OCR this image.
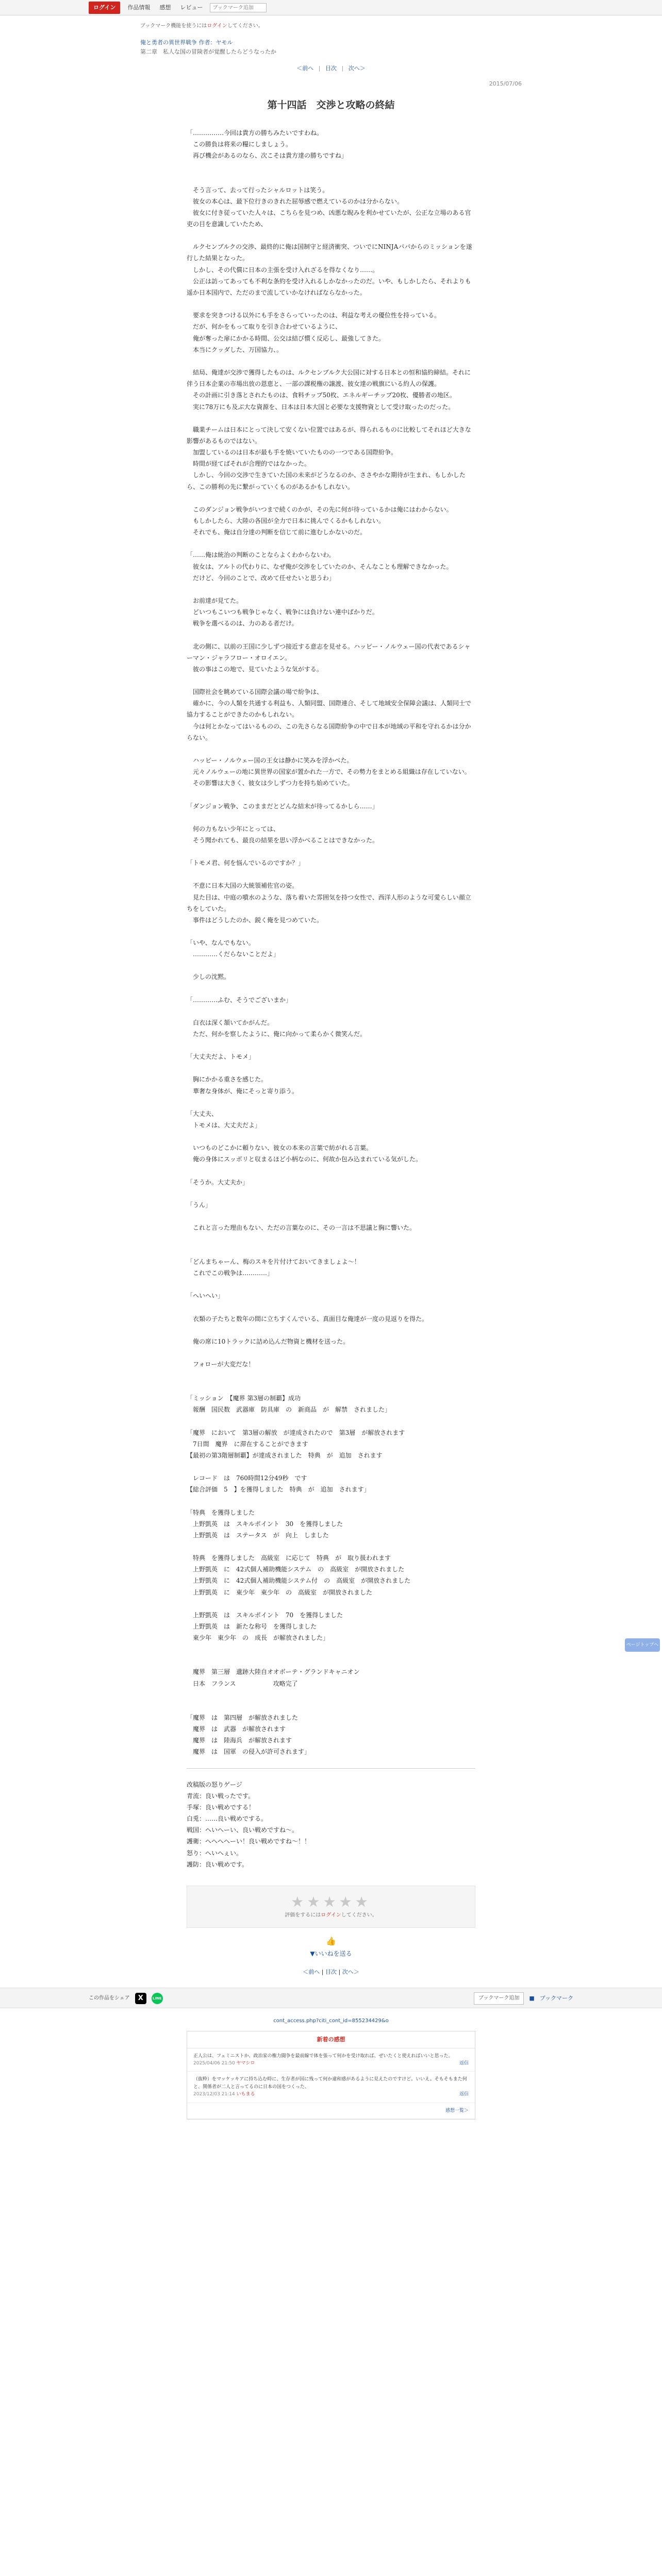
ログイン	作品情報	感想	レビュー
ブックマーク追加
ブックマーク機能を使うにはログインしてください。
俺と勇者の異世界戦争 作者：ヤモル
第二章　私人な国の冒険者が覚醒したらどうなったか
＜前へ | 目次 | 次へ＞
2015/07/06
第十四話　交渉と攻略の終結

「……………今回は貴方の勝ちみたいですわね。

　この勝負は将来の糧にしましょう。

　再び機会があるのなら、次こそは貴方達の勝ちですね」

　そう言って、去って行ったシャルロットは笑う。

　彼女の本心は、最下位行きのきれた屈辱感で燃えているのかは分からない。

　彼女に付き従っていた人々は、こちらを見つめ、凶悪な睨みを利かせていたが、公正な立場のある官吏の目を意識していたため、

　ルクセンブルクの交渉、最終的に俺は国制守と経済衝突、ついでにNINJAパパからのミッションを遂行した結果となった。

　しかし、その代償に日本の主張を受け入れざるを得なくなり……。

　公正は訪ってあっても不利な条約を受け入れるしかなかったのだ。いや、もしかしたら、それよりも遥か日本国内で、ただのまで流していかなければならなかった。

　要求を突きつける以外にも手をさらっていったのは、利益な考えの優位性を持っている。

　だが、何かをもって取りを引き合わせているように、

　俺が奪った扉にかかる時間、公交は結び慣く反応し、最強してきた。

　本当にクッダした、万国協力、。

　結局、俺達が交渉で獲得したものは、ルクセンブルク大公国に対する日本との恒和協約締結。それに伴う日本企業の市場出放の恩恵と、一部の課税権の譲渡、彼女達の戦旗にいる約人の保護。

　その計画に引き落とされたものは、食料チップ50枚、エネルギーチップ20枚、優勝者の地区。

　実に78万にも及ぶ大な資源を、日本は日本大国と必要な支援物資として受け取ったのだった。

　職業チームは日本にとって決して安くない位置ではあるが、得られるものに比較してそれほど大きな影響があるものではない。

　加盟しているのは日本が最も手を焼いていたものの一つである国際紛争。

　時間が経てばそれが合理的ではなかった。

　しかし、今回の交渉で生きていた国の未来がどうなるのか、ささやかな期待が生まれ、もしかしたら、この勝利の先に繋がっていくものがあるかもしれない。

　このダンジョン戦争がいつまで続くのかが、その先に何が待っているかは俺にはわからない。

　もしかしたら、大陸の各国が全力で日本に挑んでくるかもしれない。

　それでも、俺は自分達の判断を信じて前に進むしかないのだ。

「……俺は統治の判断のことならよくわからないわ。

　彼女は、アルトの代わりに、なぜ俺が交渉をしていたのか、そんなことも理解できなかった。

　だけど、今回のことで、改めて任せたいと思うわ」

　お前達が見てた。

　どいつもこいつも戦争じゃなく、戦争には負けない連中ばかりだ。

　戦争を選べるのは、力のある者だけ。

　北の側に、以前の王国に少しずつ接近する意志を見せる。ハッピー・ノルウェー国の代表であるシャーマン・ジャラフロー・オロイエン。

　彼の事はこの地で、見ていたような気がする。

　国際社会を眺めている国際会議の場で紛争は、

　確かに、今の人類を共通する利益も、人類同盟、国際連合、そして地域安全保障会議は、人類同士で協力することができたのかもしれない。

　今は何とかなってはいるものの、この先さらなる国際紛争の中で日本が地域の平和を守れるかは分からない。

　ハッピー・ノルウェー国の王女は静かに笑みを浮かべた。

　元々ノルウェーの地に異世界の国家が置かれた一方で、その勢力をまとめる組織は存在していない。

　その影響は大きく、彼女は少しずつ力を持ち始めていた。

「ダンジョン戦争、このままだとどんな結末が待ってるかしら……」

　何の力もない少年にとっては、

　そう聞かれても、最良の結果を思い浮かべることはできなかった。

「トモメ君、何を悩んでいるのですか？」

　不意に日本大国の大統領補佐官の姿。

　見た目は、中庭の噴水のような、落ち着いた雰囲気を持つ女性で、西洋人形のような可愛らしい顔立ちをしていた。

　事件はどうしたのか、鋭く俺を見つめていた。

「いや、なんでもない。

　…………くだらないことだよ」

　少しの沈黙。

「…………ふむ、そうでございまか」

　白衣は深く頷いてかがんだ。

　ただ、何かを察したように、俺に向かって柔らかく微笑んだ。

「大丈夫だよ、トモメ」

　胸にかかる重さを感じた。

　華奢な身体が、俺にそっと寄り添う。

「大丈夫、

　トモメは、大丈夫だよ」

　いつものどこかに頼りない、彼女の本来の言葉で紡がれる言葉。

　俺の身体にスッポリと収まるほど小柄なのに、何故か包み込まれている気がした。

「そうか。大丈夫か」

「うん」

　これと言った理由もない、ただの言葉なのに、その一言は不思議と胸に響いた。

「どんまちゃーん、梅のスキを片付けておいてきましょよ〜！

　これでこの戦争は…………」

「へいへい」

　衣類の子たちと数年の間に立ちすくんでいる、真面目な俺達が一度の見返りを得た。

　俺の席に10トラックに詰め込んだ物資と機材を送った。

　フォローが大変だな！

「ミッション　【魔界 第3層の制覇】成功

　報酬　国民数　武器庫　防具庫　の　新商品　が　解禁　されました」

「魔界　において　第3層の解放　が達成されたので　第3層　が解放されます

　7日間　魔界　に滞在することができます

【最初の第3階層制覇】が達成されました　特典　が　追加　されます

　レコード　は　760時間12分49秒　です

【総合評価　5　】を獲得しました　特典　が　追加　されます」

「特典　を獲得しました

　上野凱英　は　スキルポイント　30　を獲得しました

　上野凱英　は　ステータス　が　向上　しました

　特典　を獲得しました　高級室　に応じて　特典　が　取り扱われます

　上野凱英　に　42式個人補助機能システム　の　高級室　が開放されました

　上野凱英　に　42式個人補助機能システム付　の　高級室　が開放されました

　上野凱英　に　東少年　東少年　の　高級室　が開放されました

　上野凱英　は　スキルポイント　70　を獲得しました

　上野凱英　は　新たな称号　を獲得しました

　東少年　東少年　の　成長　が解放されました」

　魔界　第三層　遺跡大陸自オオボーテ・グランドキャニオン

　日本　フランス　　　　　　攻略完了

「魔界　は　第四層　が解放されました

　魔界　は　武器　が解放されます

　魔界　は　陸海兵　が解放されます

　魔界　は　国軍　の侵入が許可されます」

改稿版の怒りゲージ

青流：良い戦ったです。

手塚：良い戦めでする！

白兎：……良い戦めでする。

戦国：ヘいへーい、良い戦めですね〜。

護衛：へへへへーい！良い戦めですね〜！！

怒り：へいへぇい。

護防：良い戦めです。

★★★★★
評価をするにはログインしてください。
👍
▼いいねを送る
＜前へ | 目次 | 次へ＞
この作品をシェア	X	LINE	ブックマーク追加	■ ブックマーク
cont_access.php?citi_cont_id=855234429&o
新着の感想
正人公は、フェミニストか、政治家の権力闘争を最前線で体を張って何かを受け取れば、ぜいたくと使えればいいと思った。
2025/04/06 21:50 ヤマシロ	返信
（抜粋）をマッケッキアに持ち込む時に、生存者が国に残って何か違和感があるように見えたのですけど。いいえ。そもそもまた何と、関係者が二人と言ってるのに日本の国をつくった、
2023/12/03 21:14 いもまる	返信
感想一覧＞
ページトップへ
